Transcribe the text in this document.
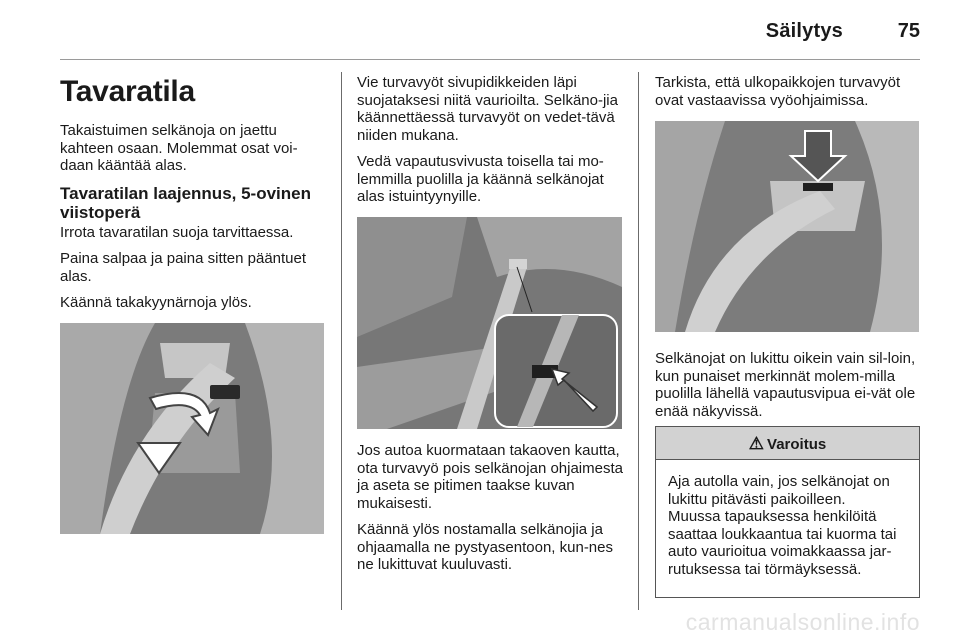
Säilytys	75
Tavaratila

Takaistuimen selkänoja on jaettu kahteen osaan. Molemmat osat voi-daan kääntää alas.

Tavaratilan laajennus, 5-ovinen viistoperä

Irrota tavaratilan suoja tarvittaessa.

Paina salpaa ja paina sitten pääntuet alas.

Käännä takakyynärnoja ylös.

Vie turvavyöt sivupidikkeiden läpi suojataksesi niitä vaurioilta. Selkäno-jia käännettäessä turvavyöt on vedet-tävä niiden mukana.

Vedä vapautusvivusta toisella tai mo-lemmilla puolilla ja käännä selkänojat alas istuintyynyille.

Jos autoa kuormataan takaoven kautta, ota turvavyö pois selkänojan ohjaimesta ja aseta se pitimen taakse kuvan mukaisesti.

Käännä ylös nostamalla selkänojia ja ohjaamalla ne pystyasentoon, kun-nes ne lukittuvat kuuluvasti.

Tarkista, että ulkopaikkojen turvavyöt ovat vastaavissa vyöohjaimissa.

Selkänojat on lukittu oikein vain sil-loin, kun punaiset merkinnät molem-milla puolilla lähellä vapautusvipua ei-vät ole enää näkyvissä.

⚠ Varoitus

Aja autolla vain, jos selkänojat on lukittu pitävästi paikoilleen.

Muussa tapauksessa henkilöitä saattaa loukkaantua tai kuorma tai auto vaurioitua voimakkaassa jar-rutuksessa tai törmäyksessä.

carmanualsonline.info
